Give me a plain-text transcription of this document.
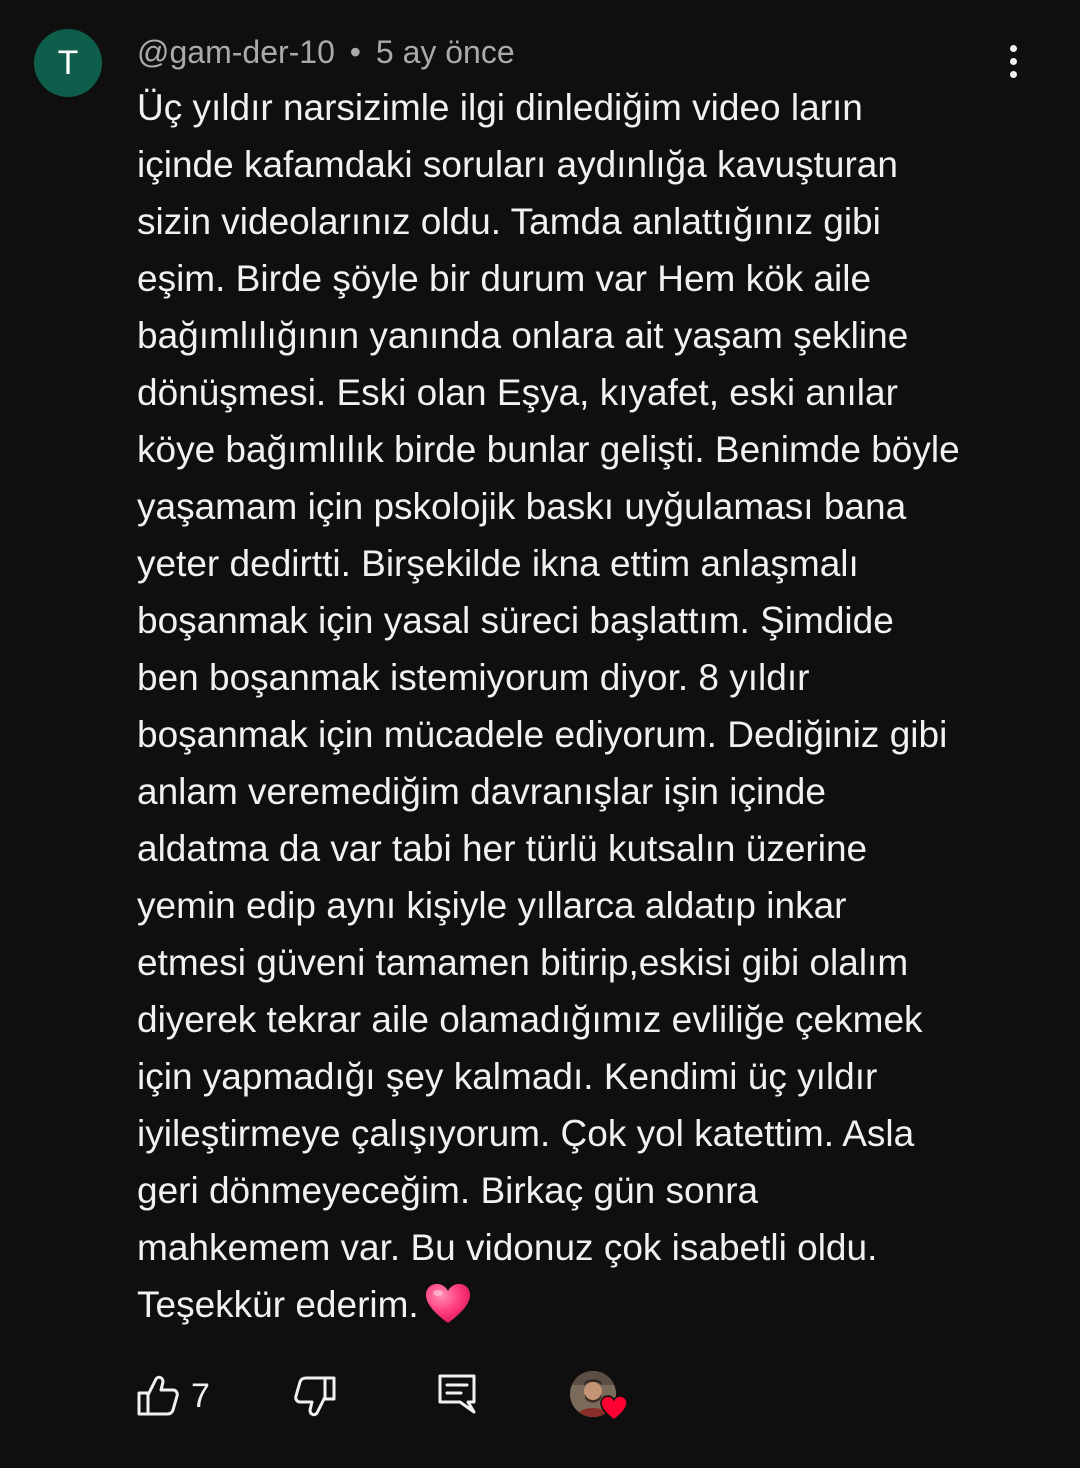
T @gam-der-10 • 5 ay önce
Üç yıldır narsizimle ilgi dinlediğim video ların
içinde kafamdaki soruları aydınlığa kavuşturan
sizin videolarınız oldu. Tamda anlattığınız gibi
eşim. Birde şöyle bir durum var Hem kök aile
bağımlılığının yanında onlara ait yaşam şekline
dönüşmesi. Eski olan Eşya, kıyafet, eski anılar
köye bağımlılık birde bunlar gelişti. Benimde böyle
yaşamam için pskolojik baskı uyğulaması bana
yeter dedirtti. Birşekilde ikna ettim anlaşmalı
boşanmak için yasal süreci başlattım. Şimdide
ben boşanmak istemiyorum diyor. 8 yıldır
boşanmak için mücadele ediyorum. Dediğiniz gibi
anlam veremediğim davranışlar işin içinde
aldatma da var tabi her türlü kutsalın üzerine
yemin edip aynı kişiyle yıllarca aldatıp inkar
etmesi güveni tamamen bitirip,eskisi gibi olalım
diyerek tekrar aile olamadığımız evliliğe çekmek
için yapmadığı şey kalmadı. Kendimi üç yıldır
iyileştirmeye çalışıyorum. Çok yol katettim. Asla
geri dönmeyeceğim. Birkaç gün sonra
mahkemem var. Bu vidonuz çok isabetli oldu.
Teşekkür ederim.
7
